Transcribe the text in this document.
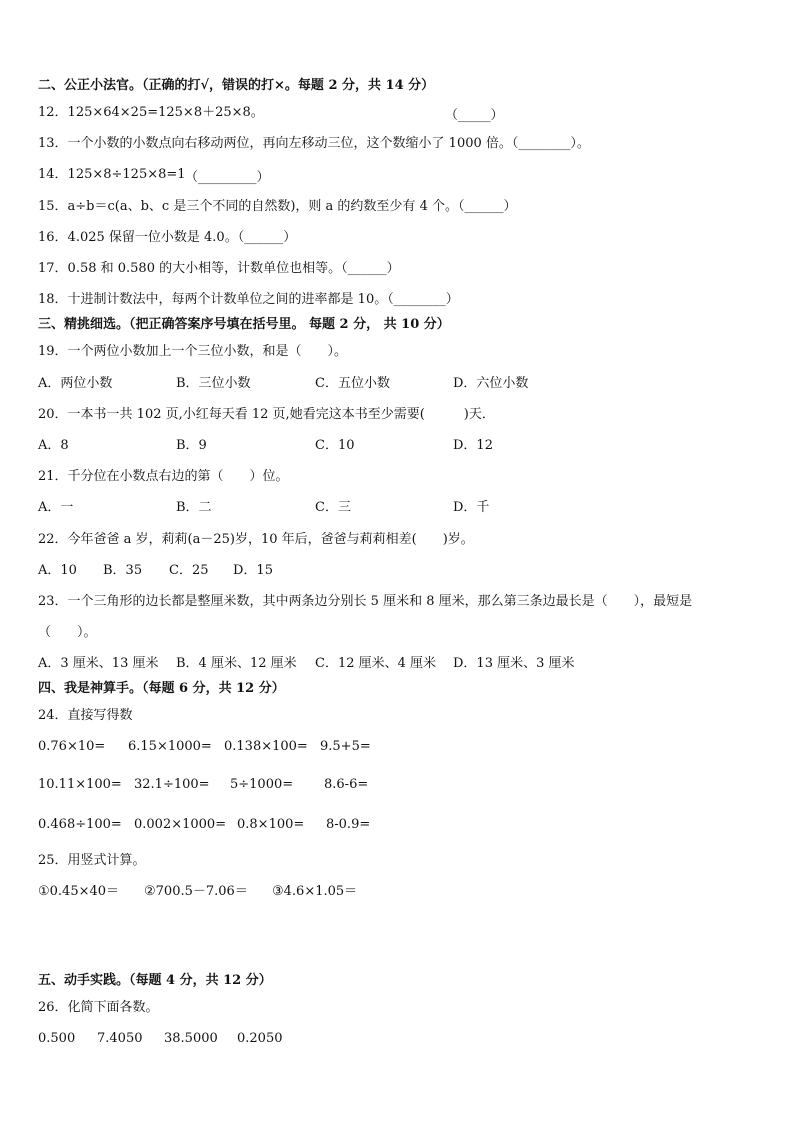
二、公正小法官。（正确的打√，错误的打×。每题 2 分，共 14 分）
12．125×64×25=125×8＋25×8。	（_____）
13．一个小数的小数点向右移动两位，再向左移动三位，这个数缩小了 1000 倍。（________）。
14．125×8÷125×8=1 （_________）
15．a÷b＝c(a、b、c 是三个不同的自然数)，则 a 的约数至少有 4 个。（______）
16．4.025 保留一位小数是 4.0。（______）
17．0.58 和 0.580 的大小相等，计数单位也相等。（______）
18．十进制计数法中，每两个计数单位之间的进率都是 10。（________）
三、精挑细选。（把正确答案序号填在括号里。 每题 2 分， 共 10 分）
19．一个两位小数加上一个三位小数，和是（　　）。
A．两位小数	B．三位小数	C．五位小数	D．六位小数
20．一本书一共 102 页,小红每天看 12 页,她看完这本书至少需要(　　　)天．
A．8	B．9	C．10	D．12
21．千分位在小数点右边的第（　　）位。
A．一	B．二	C．三	D．千
22．今年爸爸 a 岁，莉莉(a－25)岁，10 年后，爸爸与莉莉相差(　　)岁。
A．10 B．35 C．25 D．15
23．一个三角形的边长都是整厘米数，其中两条边分别长 5 厘米和 8 厘米，那么第三条边最长是（　　），最短是
（　　）。
A．3 厘米、13 厘米 B．4 厘米、12 厘米 C．12 厘米、4 厘米 D．13 厘米、3 厘米
四、我是神算手。（每题 6 分，共 12 分）
24．直接写得数
0.76×10= 6.15×1000= 0.138×100= 9.5+5=
10.11×100= 32.1÷100= 5÷1000= 8.6-6=
0.468÷100= 0.002×1000= 0.8×100= 8-0.9=
25．用竖式计算。
①0.45×40＝ ②700.5－7.06＝ ③4.6×1.05＝
五、动手实践。（每题 4 分，共 12 分）
26．化简下面各数。
0.500 7.4050 38.5000 0.2050
